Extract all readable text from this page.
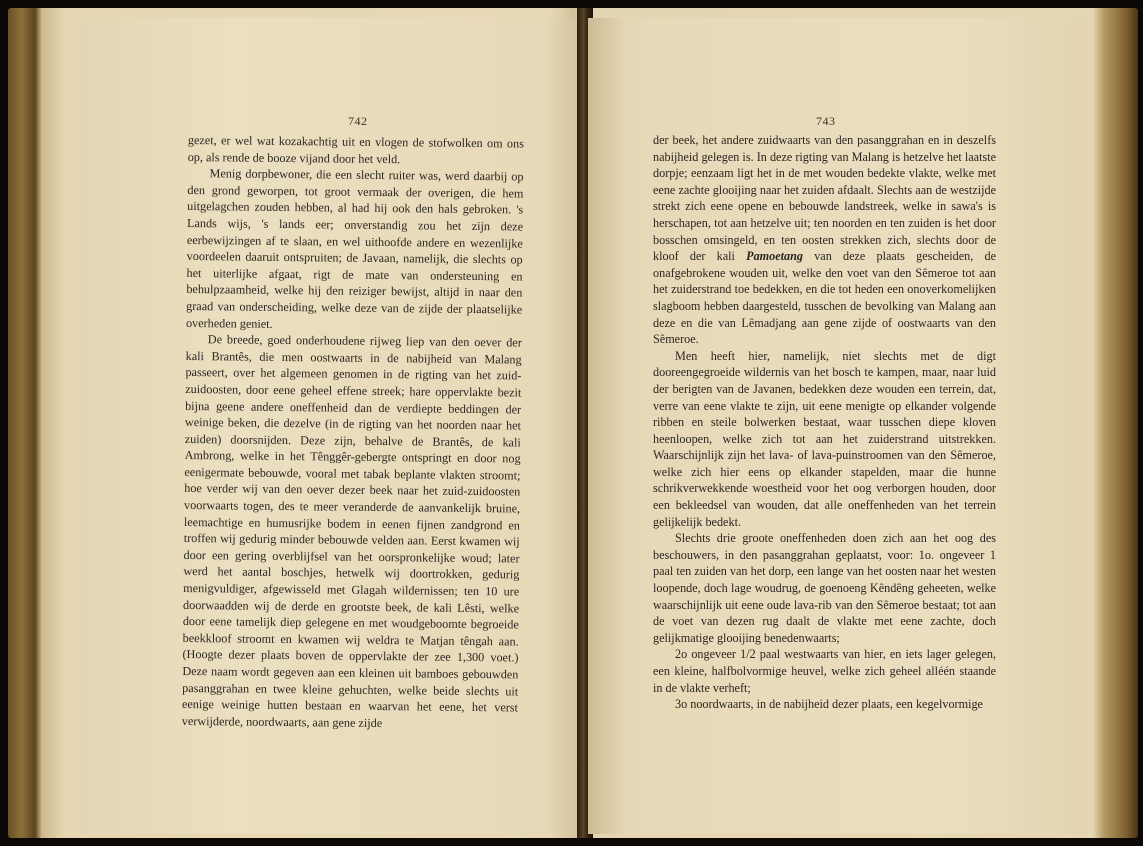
742

gezet, er wel wat kozakachtig uit en vlogen de stofwolken om ons op, als rende de booze vijand door het veld.

Menig dorpbewoner, die een slecht ruiter was, werd daarbij op den grond geworpen, tot groot vermaak der overigen, die hem uitgelagchen zouden hebben, al had hij ook den hals gebroken. 's Lands wijs, 's lands eer; onverstandig zou het zijn deze eerbewijzingen af te slaan, en wel uithoofde andere en wezenlijke voordeelen daaruit ontspruiten; de Javaan, namelijk, die slechts op het uiterlijke afgaat, rigt de mate van ondersteuning en behulpzaamheid, welke hij den reiziger bewijst, altijd in naar den graad van onderscheiding, welke deze van de zijde der plaatselijke overheden geniet.

De breede, goed onderhoudene rijweg liep van den oever der kali Brantês, die men oostwaarts in de nabijheid van Malang passeert, over het algemeen genomen in de rigting van het zuid-zuidoosten, door eene geheel effene streek; hare oppervlakte bezit bijna geene andere oneffenheid dan de verdiepte beddingen der weinige beken, die dezelve (in de rigting van het noorden naar het zuiden) doorsnijden. Deze zijn, behalve de Brantês, de kali Ambrong, welke in het Tênggêr-gebergte ontspringt en door nog eenigermate bebouwde, vooral met tabak beplante vlakten stroomt; hoe verder wij van den oever dezer beek naar het zuid-zuidoosten voorwaarts togen, des te meer veranderde de aanvankelijk bruine, leemachtige en humusrijke bodem in eenen fijnen zandgrond en troffen wij gedurig minder bebouwde velden aan. Eerst kwamen wij door een gering overblijfsel van het oorspronkelijke woud; later werd het aantal boschjes, hetwelk wij doortrokken, gedurig menigvuldiger, afgewisseld met Glagah wildernissen; ten 10 ure doorwaadden wij de derde en grootste beek, de kali Lêsti, welke door eene tamelijk diep gelegene en met woudgeboomte begroeide beekkloof stroomt en kwamen wij weldra te Matjan têngah aan. (Hoogte dezer plaats boven de oppervlakte der zee 1,300 voet.) Deze naam wordt gegeven aan een kleinen uit bamboes gebouwden pasanggrahan en twee kleine gehuchten, welke beide slechts uit eenige weinige hutten bestaan en waarvan het eene, het verst verwijderde, noordwaarts, aan gene zijde

743

der beek, het andere zuidwaarts van den pasanggrahan en in deszelfs nabijheid gelegen is. In deze rigting van Malang is hetzelve het laatste dorpje; eenzaam ligt het in de met wouden bedekte vlakte, welke met eene zachte glooijing naar het zuiden afdaalt. Slechts aan de westzijde strekt zich eene opene en bebouwde landstreek, welke in sawa's is herschapen, tot aan hetzelve uit; ten noorden en ten zuiden is het door bosschen omsingeld, en ten oosten strekken zich, slechts door de kloof der kali Pamoetang van deze plaats gescheiden, de onafgebrokene wouden uit, welke den voet van den Sêmeroe tot aan het zuiderstrand toe bedekken, en die tot heden een onoverkomelijken slagboom hebben daargesteld, tusschen de bevolking van Malang aan deze en die van Lêmadjang aan gene zijde of oostwaarts van den Sêmeroe.

Men heeft hier, namelijk, niet slechts met de digt dooreengegroeide wildernis van het bosch te kampen, maar, naar luid der berigten van de Javanen, bedekken deze wouden een terrein, dat, verre van eene vlakte te zijn, uit eene menigte op elkander volgende ribben en steile bolwerken bestaat, waar tusschen diepe kloven heenloopen, welke zich tot aan het zuiderstrand uitstrekken. Waarschijnlijk zijn het lava- of lava-puinstroomen van den Sêmeroe, welke zich hier eens op elkander stapelden, maar die hunne schrikverwekkende woestheid voor het oog verborgen houden, door een bekleedsel van wouden, dat alle oneffenheden van het terrein gelijkelijk bedekt.

Slechts drie groote oneffenheden doen zich aan het oog des beschouwers, in den pasanggrahan geplaatst, voor: 1o. ongeveer 1 paal ten zuiden van het dorp, een lange van het oosten naar het westen loopende, doch lage woudrug, de goenoeng Kêndêng geheeten, welke waarschijnlijk uit eene oude lava-rib van den Sêmeroe bestaat; tot aan de voet van dezen rug daalt de vlakte met eene zachte, doch gelijkmatige glooijing benedenwaarts;

2o ongeveer 1/2 paal westwaarts van hier, en iets lager gelegen, een kleine, halfbolvormige heuvel, welke zich geheel alléén staande in de vlakte verheft;

3o noordwaarts, in de nabijheid dezer plaats, een kegelvormige
